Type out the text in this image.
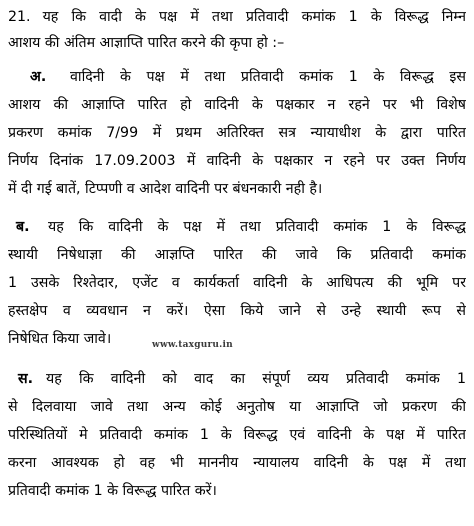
21. यह कि वादी के पक्ष में तथा प्रतिवादी कमांक 1 के विरूद्ध निम्न
आशय की अंतिम आज्ञाप्ति पारित करने की कृपा हो :–
अ. वादिनी के पक्ष में तथा प्रतिवादी कमांक 1 के विरूद्ध इस
आशय की आज्ञाप्ति पारित हो वादिनी के पक्षकार न रहने पर भी विशेष
प्रकरण कमांक 7/99 में प्रथम अतिरिक्त सत्र न्यायाधीश के द्वारा पारित
निर्णय दिनांक 17.09.2003 में वादिनी के पक्षकार न रहने पर उक्त निर्णय
में दी गई बातें, टिप्पणी व आदेश वादिनी पर बंधनकारी नही है।
ब. यह कि वादिनी के पक्ष में तथा प्रतिवादी कमांक 1 के विरूद्ध
स्थायी निषेधाज्ञा की आज्ञप्ति पारित की जावे कि प्रतिवादी कमांक
1 उसके रिश्तेदार, एजेंट व कार्यकर्ता वादिनी के आधिपत्य की भूमि पर
हस्तक्षेप व व्यवधान न करें। ऐसा किये जाने से उन्हे स्थायी रूप से
निषेधित किया जावे।
स. यह कि वादिनी को वाद का संपूर्ण व्यय प्रतिवादी कमांक 1
से दिलवाया जावे तथा अन्य कोई अनुतोष या आज्ञाप्ति जो प्रकरण की
परिस्थितियों मे प्रतिवादी कमांक 1 के विरूद्ध एवं वादिनी के पक्ष में पारित
करना आवश्यक हो वह भी माननीय न्यायालय वादिनी के पक्ष में तथा
प्रतिवादी कमांक 1 के विरूद्ध पारित करें।
www.taxguru.in
